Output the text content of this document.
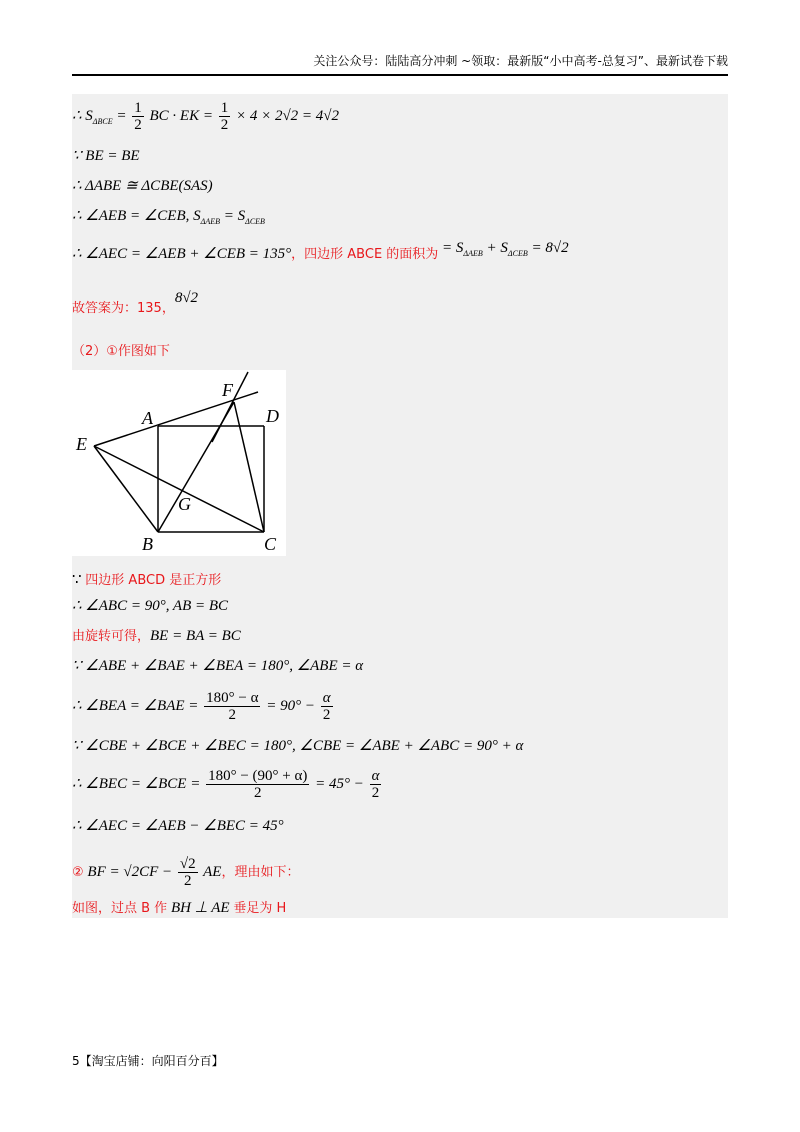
关注公众号：陆陆高分冲刺 ~领取：最新版“小中高考-总复习”、最新试卷下载
∴ $S_{\Delta BCE} = \frac{1}{2}$ BC · EK = $\frac{1}{2} \times 4 \times 2√2 = 4√2$
∵ BE = BE
∴ ΔABE ≅ ΔCBE(SAS)
∴ ∠AEB = ∠CEB, $S_{\Delta AEB} = S_{\Delta CEB}$
∴ ∠AEC = ∠AEB + ∠CEB = 135°，四边形 ABCE 的面积为 = $S_{\Delta AEB} + S_{\Delta CEB} = 8√2$
故答案为：135，8√2
（2）①作图如下
A
B	C
D
E
F
G
∵ 四边形 ABCD 是正方形
∴ ∠ABC = 90°, AB = BC
由旋转可得，BE = BA = BC
∵ ∠ABE + ∠BAE + ∠BEA = 180°, ∠ABE = α
∴ ∠BEA = ∠BAE = $\frac{180^\circ - \alpha}{2} = 90^\circ - \frac{\alpha}{2}$
∵ ∠CBE + ∠BCE + ∠BEC = 180°, ∠CBE = ∠ABE + ∠ABC = 90° + α
∴ ∠BEC = ∠BCE = $\frac{180^\circ - (90^\circ + \alpha)}{2} = 45^\circ - \frac{\alpha}{2}$
∴ ∠AEC = ∠AEB − ∠BEC = 45°
② BF = $√2CF - \frac{√2}{2}$ AE，理由如下：
如图，过点 B 作 BH ⊥ AE 垂足为 H
5【淘宝店铺：向阳百分百】
